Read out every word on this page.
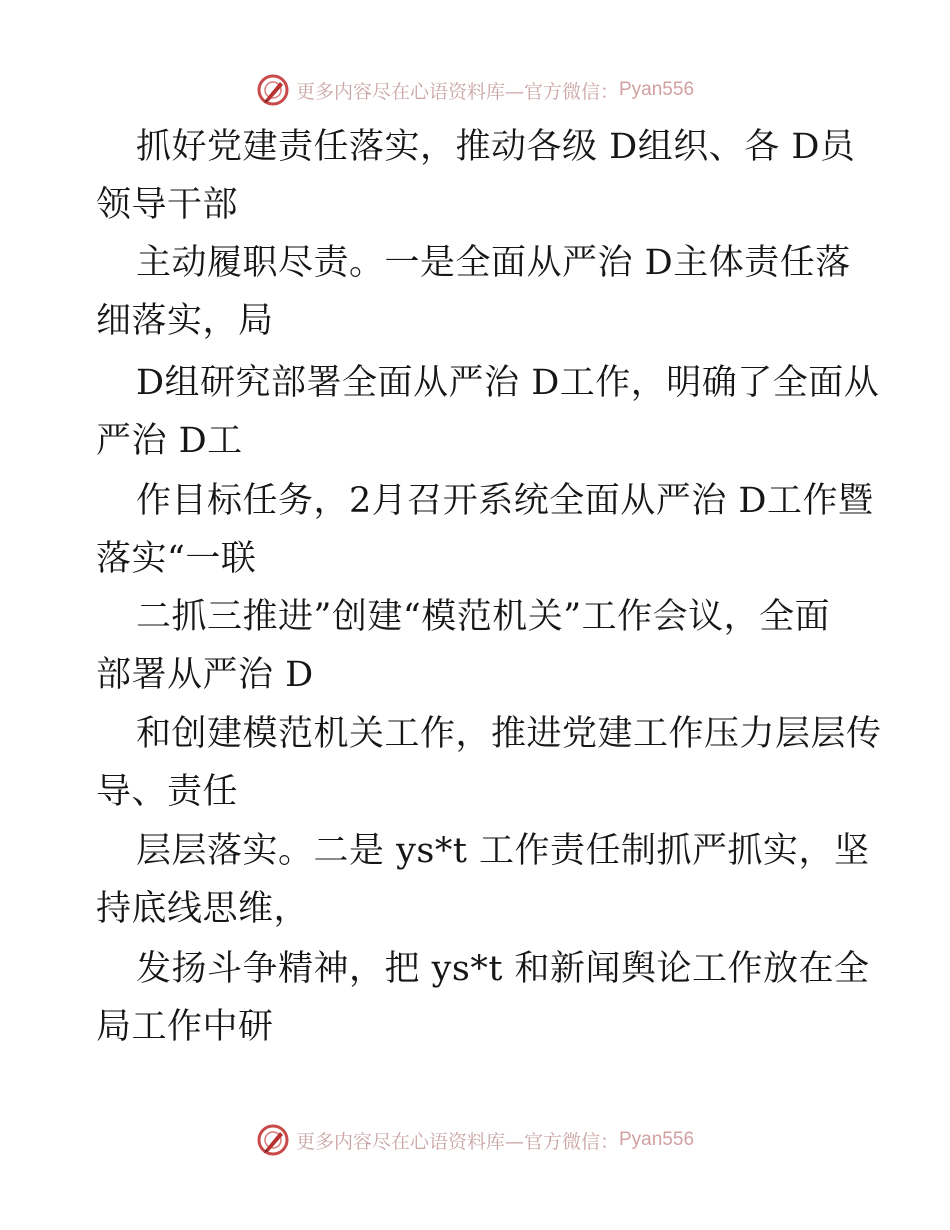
更多内容尽在心语资料库—官方微信： Pyan556
抓好党建责任落实，推动各级 D组织、各 D员
领导干部
主动履职尽责。一是全面从严治 D主体责任落
细落实，局
D组研究部署全面从严治 D工作，明确了全面从
严治 D工
作目标任务，2月召开系统全面从严治 D工作暨
落实“一联
二抓三推进”创建“模范机关”工作会议，全面
部署从严治 D
和创建模范机关工作，推进党建工作压力层层传
导、责任
层层落实。二是 ys*t 工作责任制抓严抓实，坚
持底线思维，
发扬斗争精神，把 ys*t 和新闻舆论工作放在全
局工作中研
更多内容尽在心语资料库—官方微信： Pyan556
